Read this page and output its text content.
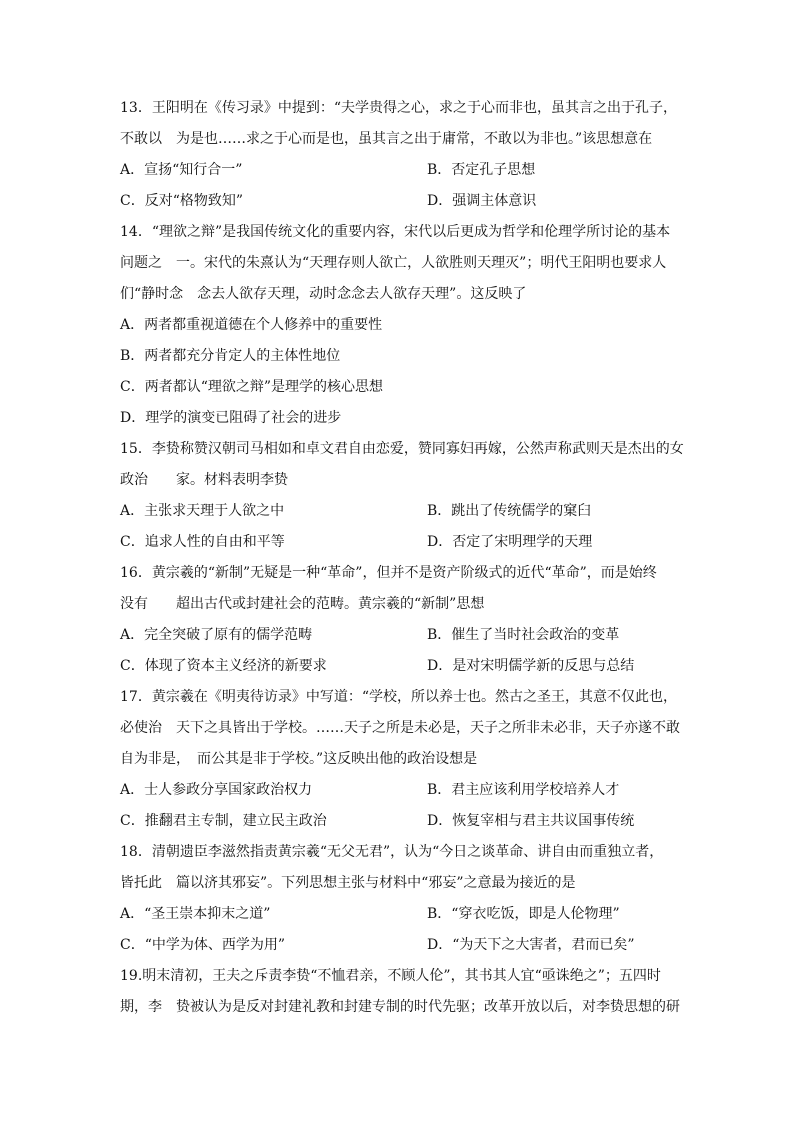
13．王阳明在《传习录》中提到：“夫学贵得之心，求之于心而非也，虽其言之出于孔子，
不敢以　为是也……求之于心而是也，虽其言之出于庸常，不敢以为非也。”该思想意在
A．宣扬“知行合一”	B．否定孔子思想
C．反对“格物致知”	D．强调主体意识
14．“理欲之辩”是我国传统文化的重要内容，宋代以后更成为哲学和伦理学所讨论的基本
问题之　一。宋代的朱熹认为“天理存则人欲亡，人欲胜则天理灭”；明代王阳明也要求人
们“静时念　念去人欲存天理，动时念念去人欲存天理”。这反映了
A．两者都重视道德在个人修养中的重要性
B．两者都充分肯定人的主体性地位
C．两者都认“理欲之辩”是理学的核心思想
D．理学的演变已阻碍了社会的进步
15．李贽称赞汉朝司马相如和卓文君自由恋爱，赞同寡妇再嫁，公然声称武则天是杰出的女
政治　　家。材料表明李贽
A．主张求天理于人欲之中	B．跳出了传统儒学的窠臼
C．追求人性的自由和平等	D．否定了宋明理学的天理
16．黄宗羲的“新制”无疑是一种“革命”，但并不是资产阶级式的近代“革命”，而是始终
没有　　超出古代或封建社会的范畴。黄宗羲的“新制”思想
A．完全突破了原有的儒学范畴	B．催生了当时社会政治的变革
C．体现了资本主义经济的新要求	D．是对宋明儒学新的反思与总结
17．黄宗羲在《明夷待访录》中写道：“学校，所以养士也。然古之圣王，其意不仅此也，
必使治　天下之具皆出于学校。……天子之所是未必是，天子之所非未必非，天子亦遂不敢
自为非是，　而公其是非于学校。”这反映出他的政治设想是
A．士人参政分享国家政治权力	B．君主应该利用学校培养人才
C．推翻君主专制，建立民主政治	D．恢复宰相与君主共议国事传统
18．清朝遗臣李滋然指责黄宗羲“无父无君”，认为“今日之谈革命、讲自由而重独立者，
皆托此　篇以济其邪妄”。下列思想主张与材料中“邪妄”之意最为接近的是
A．“圣王崇本抑末之道”	B．“穿衣吃饭，即是人伦物理”
C．“中学为体、西学为用”	D．“为天下之大害者，君而已矣”
19.明末清初，王夫之斥责李贽“不恤君亲，不顾人伦”，其书其人宜“亟诛绝之”；五四时
期，李　贽被认为是反对封建礼教和封建专制的时代先驱；改革开放以后，对李贽思想的研
